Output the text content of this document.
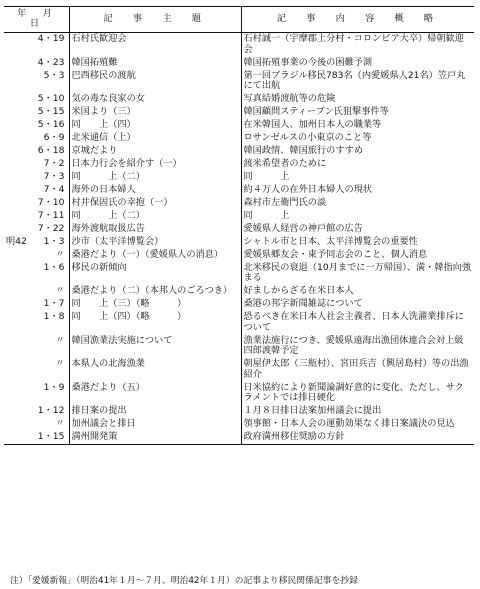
年　月　日	記　事　主　題	記　事　内　容　概　略

4・19	石村氏歓迎会	石村誠一（宇摩郡上分村・コロンビア大卒）帰朝歓迎会

4・23	韓国拓殖難	韓国拓殖事業の今後の困難予測

5・3	巴西移民の渡航	第一回ブラジル移民783名（内愛媛県人21名）笠戸丸にて出航

5・10	気の毒な良家の女	写真結婚渡航等の危険

5・15	米国より（三）	韓国顧問スティーブン氏狙撃事件等

5・16	同　　上（四）	在米韓国人、加州日本人の職業等

6・9	北米通信（上）	ロサンゼルスの小東京のこと等

6・18	京城だより	韓国政情、韓国旅行のすすめ

7・2	日本力行会を紹介す（一）	渡米希望者のために

7・3	同　　　上（二）	同　　　上

7・4	海外の日本婦人	約４万人の在外日本婦人の現状

7・10	村井保固氏の幸抱（一）	森村市左衛門氏の談

7・11	同　　　上（二）	同　　　上

7・22	海外渡航取扱広告	愛媛県人経営の神戸館の広告

明42 1・3	沙市（太平洋博覧会）	シャトル市と日本、太平洋博覧会の重要性

〃	桑港だより（一）（愛媛県人の消息）	愛媛県郷友会・東予同志会のこと、個人消息

1・6	移民の新傾向	北米移民の衰退（10月までに一万帰国）、満・韓指向強まる

〃	桑港だより（二）（本邦人のごろつき）	好ましからざる在米日本人

1・7	同　　上（三）（略　　　）	桑港の邦字新聞雑誌について

1・8	同　　上（四）（略　　　）	恐るべき在米日本人社会主義者、日本人洗濯業排斥について

〃	韓国漁業法実施について	漁業法施行につき、愛媛県遠海出漁団体連合会対上級四郎渡韓予定

〃	本県人の北海漁業	朝屋伊太郎（三瓶村）、宮田兵吉（興居島村）等の出漁紹介

1・9	桑港だより（五）	日米協約により新聞論調好意的に変化、ただし、サクラメントでは排日硬化

1・12	排日案の提出	１月８日排日法案加州議会に提出

〃	加州議会と排日	領事館・日本人会の運動効果なく排日案議決の見込

1・15	満州開発策	政府満州移住奨励の方針
注）「愛媛新報」（明治41年１月〜７月、明治42年１月）の記事より移民関係記事を抄録
